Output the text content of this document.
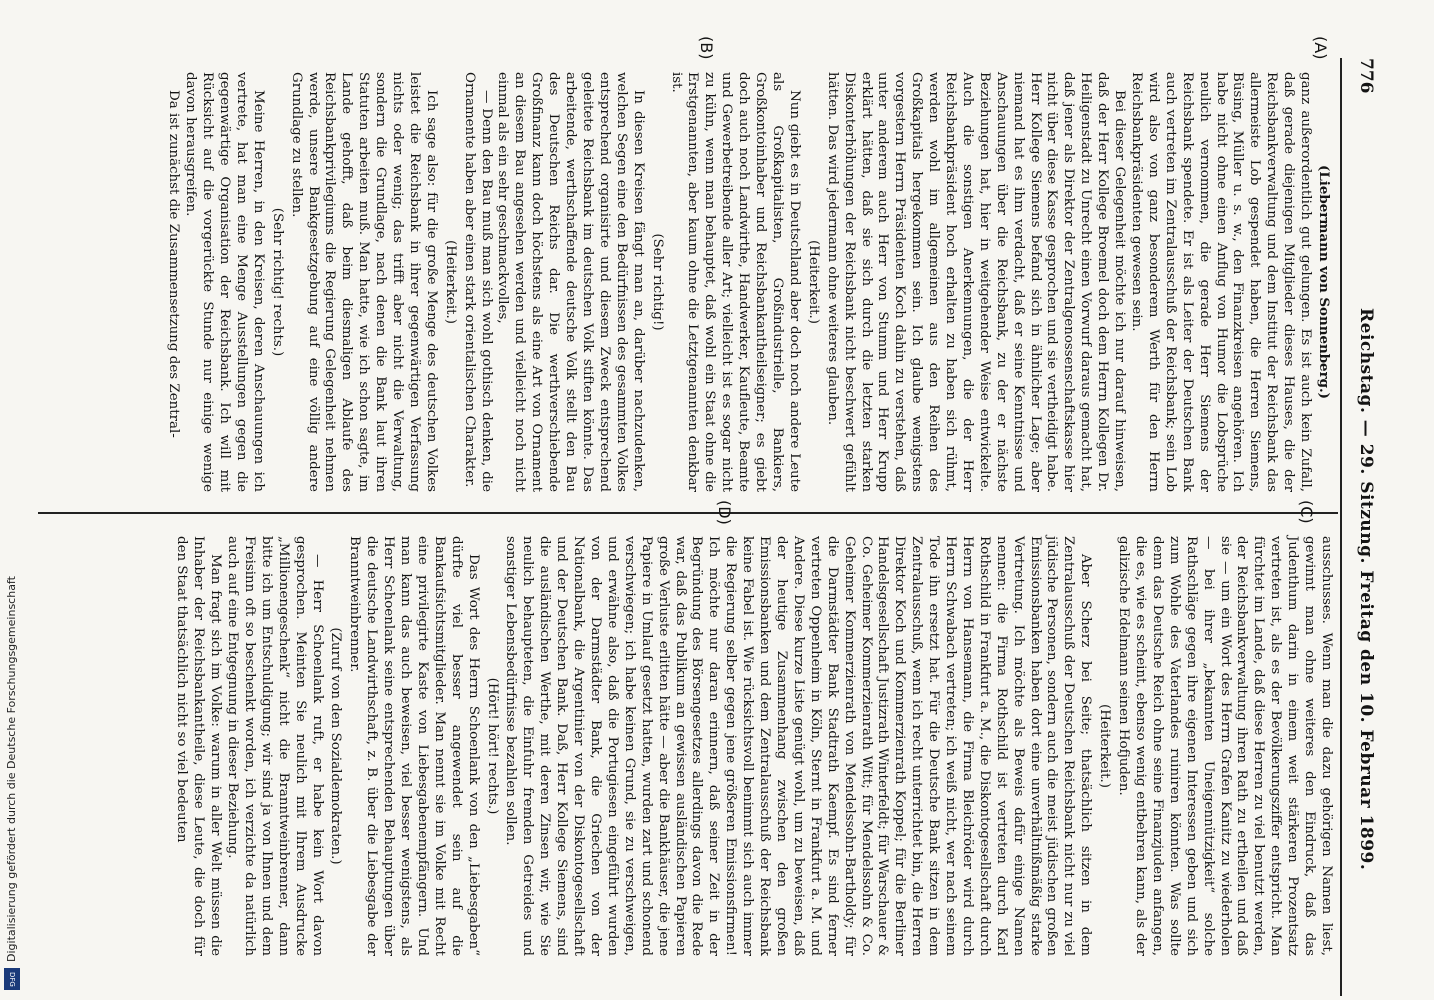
776
Reichstag. — 29. Sitzung. Freitag den 10. Februar 1899.
(A)
(B)
(C)
(D)

(Liebermann von Sonnenberg.)

ganz außerordentlich gut gelungen. Es ist auch kein Zufall, daß gerade diejenigen Mitglieder dieses Hauses, die der Reichsbankverwaltung und dem Institut der Reichsbank das allermeiste Lob gespendet haben, die Herren Siemens, Büsing, Müller u. s. w., den Finanzkreisen angehören. Ich habe nicht ohne einen Anflug von Humor die Lobsprüche neulich vernommen, die gerade Herr Siemens der Reichsbank spendete. Er ist als Leiter der Deutschen Bank auch vertreten im Zentralausschuß der Reichsbank; sein Lob wird also von ganz besonderem Werth für den Herrn Reichsbankpräsidenten gewesen sein.

Bei dieser Gelegenheit möchte ich nur darauf hinweisen, daß der Herr Kollege Broemel doch dem Herrn Kollegen Dr. Heiligenstadt zu Unrecht einen Vorwurf daraus gemacht hat, daß jener als Direktor der Zentralgenossenschaftskasse hier nicht über diese Kasse gesprochen und sie vertheidigt habe. Herr Kollege Siemens befand sich in ähnlicher Lage; aber niemand hat es ihm verdacht, daß er seine Kenntnisse und Anschauungen über die Reichsbank, zu der er nächste Beziehungen hat, hier in weitgehender Weise entwickelte. Auch die sonstigen Anerkennungen, die der Herr Reichsbankpräsident hoch erhalten zu haben sich rühmt, werden wohl im allgemeinen aus den Reihen des Großkapitals hergekommen sein. Ich glaube wenigstens vorgestern Herrn Präsidenten Koch dahin zu verstehen, daß unter anderem auch Herr von Stumm und Herr Krupp erklärt hätten, daß sie sich durch die letzten starken Diskonterhöhungen der Reichsbank nicht beschwert gefühlt hätten. Das wird jedermann ohne weiteres glauben.

(Heiterkeit.)

Nun giebt es in Deutschland aber doch noch andere Leute als Großkapitalisten, Großindustrielle, Bankiers, Großkontoinhaber und Reichsbankantheilseigner; es giebt doch auch noch Landwirthe, Handwerker, Kaufleute, Beamte und Gewerbetreibende aller Art; vielleicht ist es sogar nicht zu kühn, wenn man behauptet, daß wohl ein Staat ohne die Erstgenannten, aber kaum ohne die Letztgenannten denkbar ist.

(Sehr richtig!)

In diesen Kreisen fängt man an, darüber nachzudenken, welchen Segen eine den Bedürfnissen des gesammten Volkes entsprechend organisirte und diesem Zweck entsprechend geleitete Reichsbank im deutschen Volk stiften könnte. Das arbeitende, werthschaffende deutsche Volk stellt den Bau des Deutschen Reichs dar. Die werthverschiebende Großfinanz kann doch höchstens als eine Art von Ornament an diesem Bau angesehen werden und vielleicht noch nicht einmal als ein sehr geschmackvolles,

— Denn den Bau muß man sich wohl gothisch denken, die Ornamente haben aber einen stark orientalischen Charakter.

(Heiterkeit.)

Ich sage also: für die große Menge des deutschen Volkes leistet die Reichsbank in ihrer gegenwärtigen Verfassung nichts oder wenig; das trifft aber nicht die Verwaltung, sondern die Grundlage, nach denen die Bank laut ihren Statuten arbeiten muß. Man hatte, wie ich schon sagte, im Lande gehofft, daß beim diesmaligen Ablaufe des Reichsbankprivilegiums die Regierung Gelegenheit nehmen werde, unsere Bankgesetzgebung auf eine völlig andere Grundlage zu stellen.

(Sehr richtig! rechts.)

Meine Herren, in den Kreisen, deren Anschauungen ich vertrete, hat man eine Menge Ausstellungen gegen die gegenwärtige Organisation der Reichsbank. Ich will mit Rücksicht auf die vorgerückte Stunde nur einige wenige davon herausgreifen.

Da ist zunächst die Zusammensetzung des Zentral-

ausschusses. Wenn man die dazu gehörigen Namen liest, gewinnt man ohne weiteres den Eindruck, daß das Judenthum darin in einem weit stärkeren Prozentsatz vertreten ist, als es der Bevölkerungsziffer entspricht. Man fürchtet im Lande, daß diese Herren zu viel benutzt werden, der Reichsbankverwaltung ihren Rath zu ertheilen und daß sie — um ein Wort des Herrn Grafen Kanitz zu wiederholen — bei ihrer „bekannten Uneigennützigkeit“ solche Rathschläge gegen ihre eigenen Interessen geben und sich zum Wohle des Vaterlandes ruiniren könnten. Was sollte denn das Deutsche Reich ohne seine Finanzjuden anfangen, die es, wie es scheint, ebenso wenig entbehren kann, als der galizische Edelmann seinen Hofjuden.

(Heiterkeit.)

Aber Scherz bei Seite; thatsächlich sitzen in dem Zentralausschuß der Deutschen Reichsbank nicht nur zu viel jüdische Personen, sondern auch die meist jüdischen großen Emissionsbanken haben dort eine unverhältnißmäßig starke Vertretung. Ich möchte als Beweis dafür einige Namen nennen: die Firma Rothschild ist vertreten durch Karl Rothschild in Frankfurt a. M., die Diskontogesellschaft durch Herrn von Hansemann, die Firma Bleichröder wird durch Herrn Schwabach vertreten; ich weiß nicht, wer nach seinem Tode ihn ersetzt hat. Für die Deutsche Bank sitzen in dem Zentralausschuß, wenn ich recht unterrichtet bin, die Herren Direktor Koch und Kommerzienrath Koppel; für die Berliner Handelsgesellschaft Justizrath Winterfeldt; für Warschauer & Co. Geheimer Kommerzienrath Witt; für Mendelssohn & Co. Geheimer Kommerzienrath von Mendelssohn-Bartholdy; für die Darmstädter Bank Stadtrath Kaempf. Es sind ferner vertreten Oppenheim in Köln, Sternt in Frankfurt a. M. und Andere. Diese kurze Liste genügt wohl, um zu beweisen, daß der heutige Zusammenhang zwischen den großen Emissionsbanken und dem Zentralausschuß der Reichsbank keine Fabel ist. Wie rücksichtsvoll benimmt sich auch immer die Regierung selber gegen jene größeren Emissionsfirmen! Ich möchte nur daran erinnern, daß seiner Zeit in der Begründung des Börsengesetzes allerdings davon die Rede war, daß das Publikum an gewissen ausländischen Papieren große Verluste erlitten hätte — aber die Bankhäuser, die jene Papiere in Umlauf gesetzt hatten, wurden zart und schonend verschwiegen; ich habe keinen Grund, sie zu verschweigen, und erwähne also, daß die Portugiesen eingeführt wurden von der Darmstädter Bank, die Griechen von der Nationalbank, die Argentinier von der Diskontogesellschaft und der Deutschen Bank. Daß, Herr Kollege Siemens, sind die ausländischen Werthe, mit deren Zinsen wir, wie Sie neulich behaupteten, die Einfuhr fremden Getreides und sonstiger Lebensbedürfnisse bezahlen sollen.

(Hört! hört! rechts.)

Das Wort des Herrn Schoenlank von den „Liebesgaben“ dürfte viel besser angewendet sein auf die Bankaufsichtsmitglieder. Man nennt sie im Volke mit Recht eine privilegirte Kaste von Liebesgabenempfängern. Und man kann das auch beweisen, viel besser wenigstens, als Herr Schoenlank seine entsprechenden Behauptungen über die deutsche Landwirthschaft, z. B. über die Liebesgabe der Branntweinbrenner.

(Zuruf von den Sozialdemokraten.)

— Herr Schoenlank ruft, er habe kein Wort davon gesprochen. Meinten Sie neulich mit Ihrem Ausdrucke „Millionengeschenk“ nicht die Branntweinbrenner, dann bitte ich um Entschuldigung; wir sind ja von Ihnen und dem Freisinn oft so beschenkt worden, ich verzichte da natürlich auch auf eine Entgegnung in dieser Beziehung.

Man fragt sich im Volke: warum in aller Welt müssen die Inhaber der Reichsbankantheile, diese Leute, die doch für den Staat thatsächlich nicht so viel bedeuten

Digitalisierung gefördert durch die Deutsche Forschungsgemeinschaft
DFG
